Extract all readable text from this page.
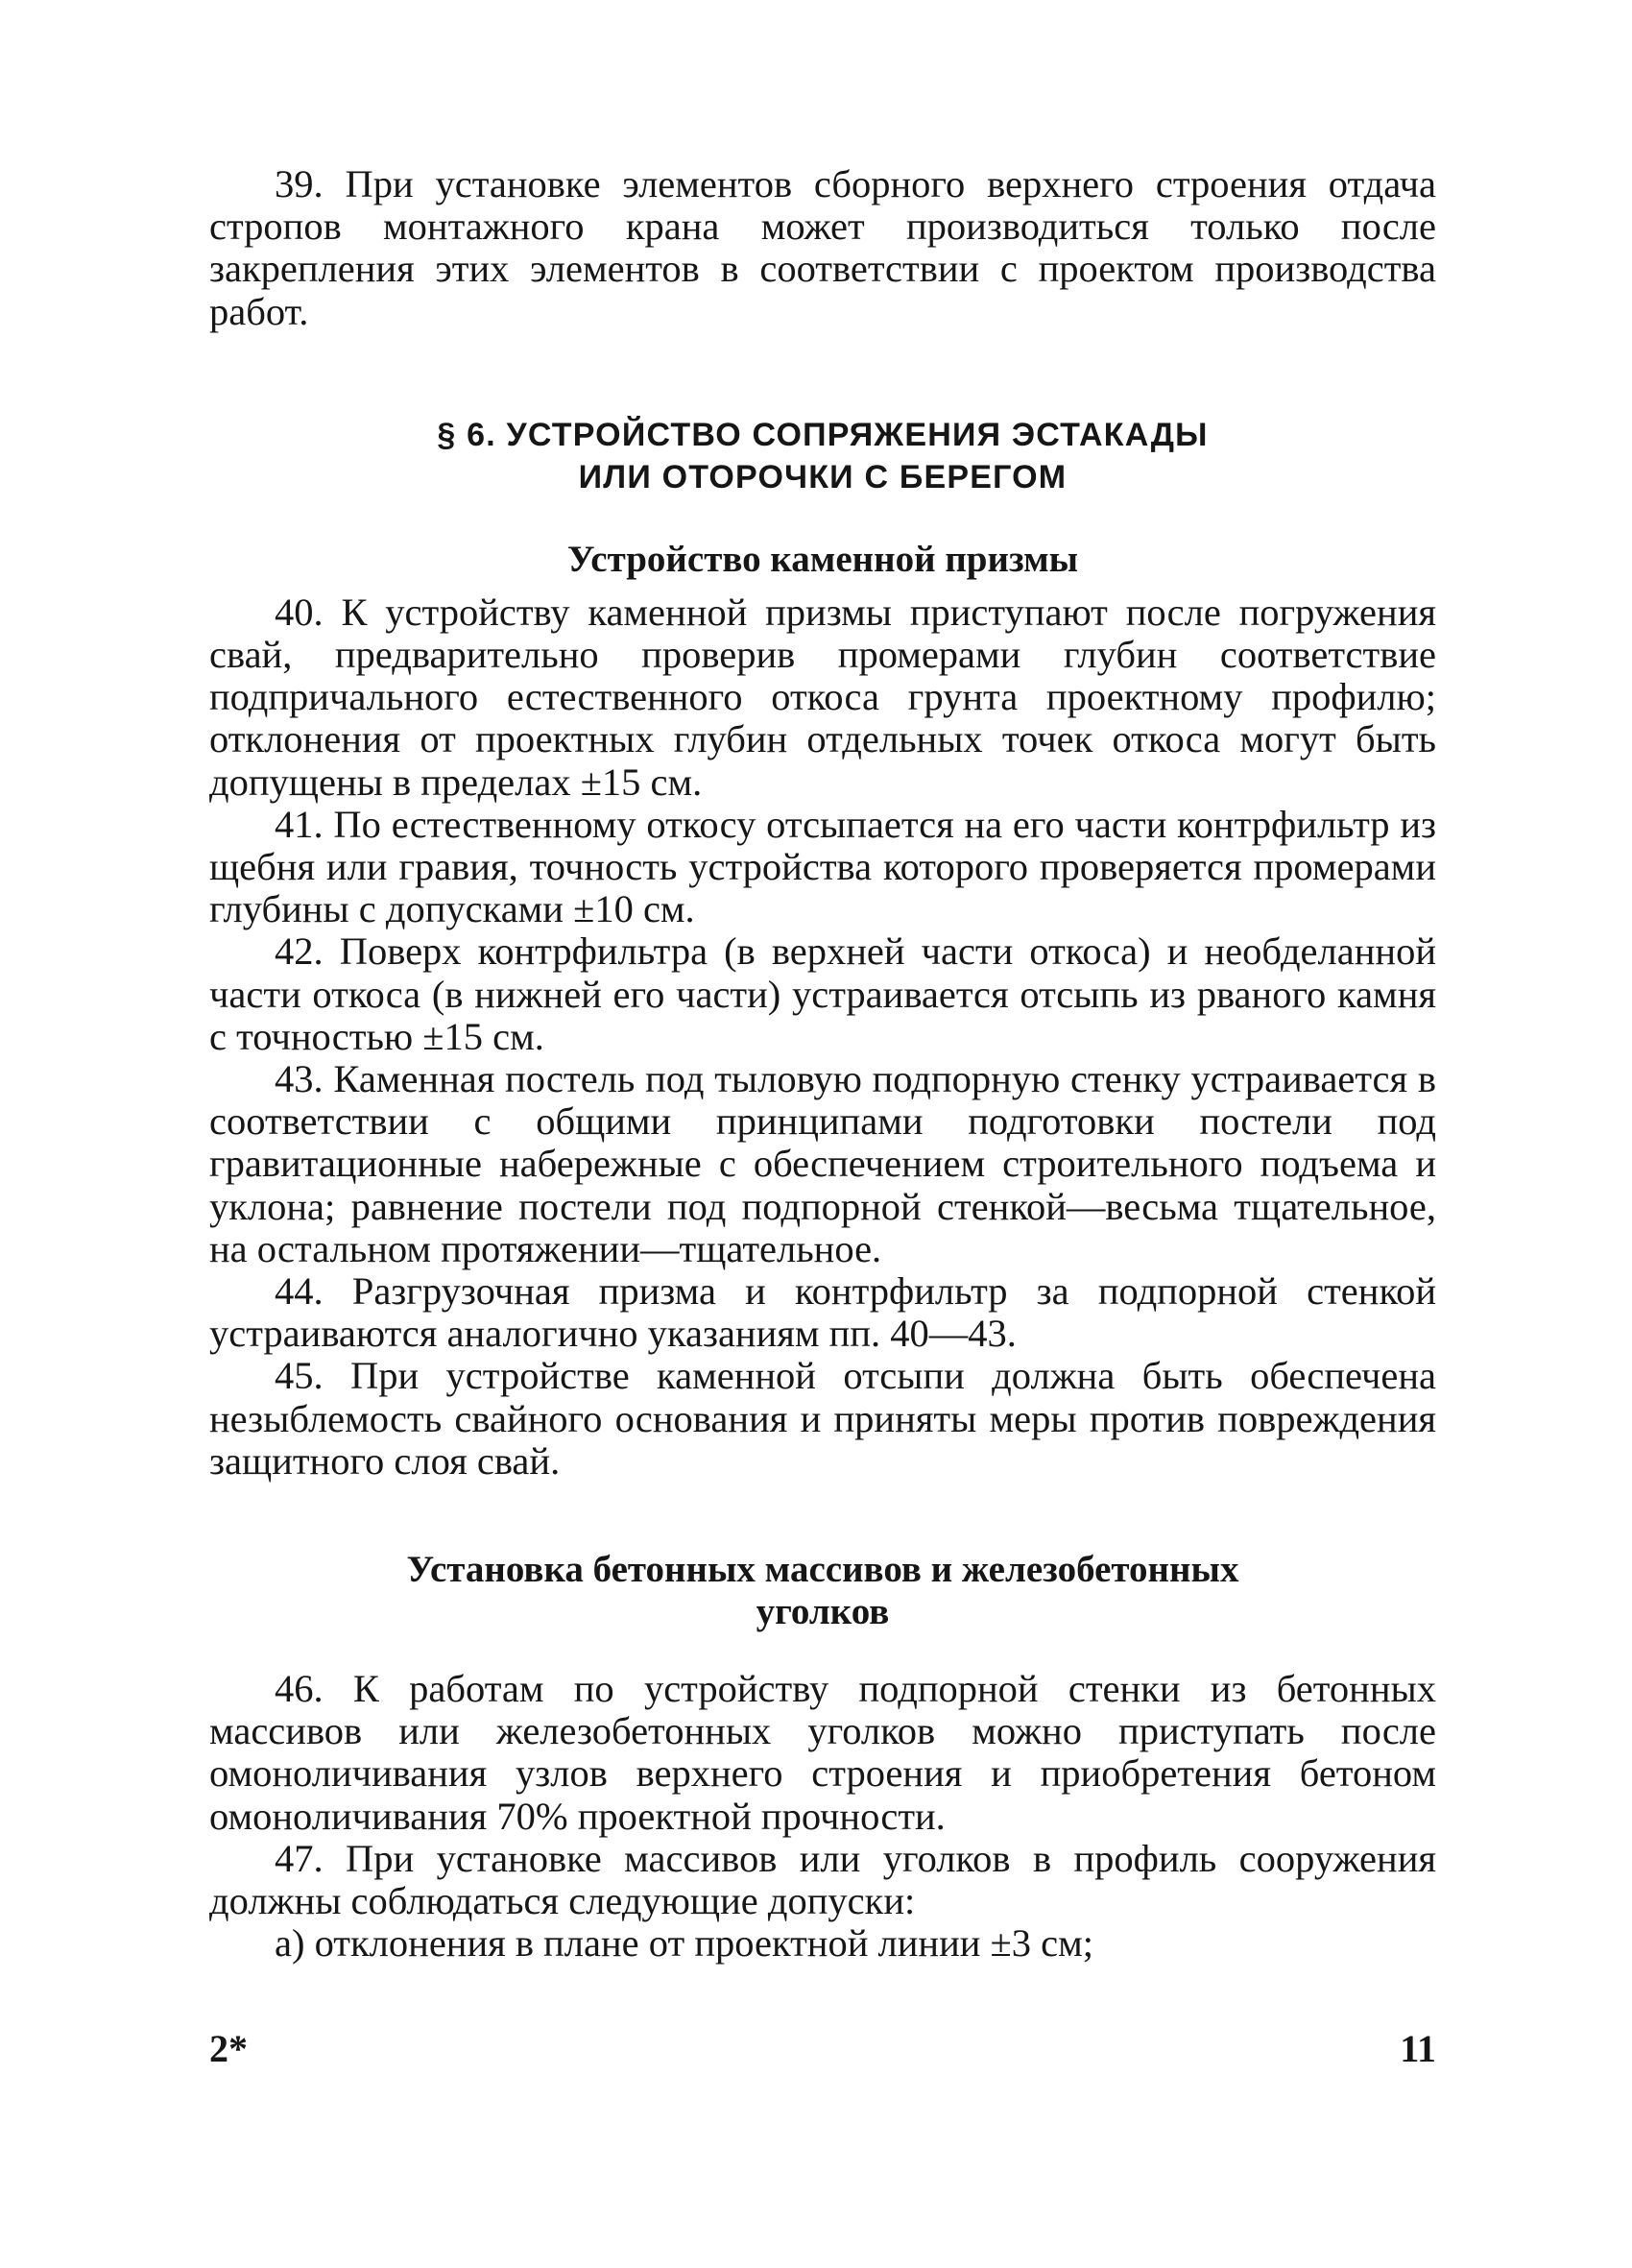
39. При установке элементов сборного верхнего строения отдача стропов монтажного крана может производиться только после закрепления этих элементов в соответствии с проектом производства работ.

§ 6. УСТРОЙСТВО СОПРЯЖЕНИЯ ЭСТАКАДЫ
ИЛИ ОТОРОЧКИ С БЕРЕГОМ
Устройство каменной призмы

40. К устройству каменной призмы приступают после погружения свай, предварительно проверив промерами глубин соответствие подпричального естественного откоса грунта проектному профилю; отклонения от проектных глубин отдельных точек откоса могут быть допущены в пределах ±15 см.

41. По естественному откосу отсыпается на его части контрфильтр из щебня или гравия, точность устройства которого проверяется промерами глубины с допусками ±10 см.

42. Поверх контрфильтра (в верхней части откоса) и необделанной части откоса (в нижней его части) устраивается отсыпь из рваного камня с точностью ±15 см.

43. Каменная постель под тыловую подпорную стенку устраивается в соответствии с общими принципами подготовки постели под гравитационные набережные с обеспечением строительного подъема и уклона; равнение постели под подпорной стенкой—весьма тщательное, на остальном протяжении—тщательное.

44. Разгрузочная призма и контрфильтр за подпорной стенкой устраиваются аналогично указаниям пп. 40—43.

45. При устройстве каменной отсыпи должна быть обеспечена незыблемость свайного основания и приняты меры против повреждения защитного слоя свай.

Установка бетонных массивов и железобетонных
уголков

46. К работам по устройству подпорной стенки из бетонных массивов или железобетонных уголков можно приступать после омоноличивания узлов верхнего строения и приобретения бетоном омоноличивания 70% проектной прочности.

47. При установке массивов или уголков в профиль сооружения должны соблюдаться следующие допуски:

а) отклонения в плане от проектной линии ±3 см;

2*	11
